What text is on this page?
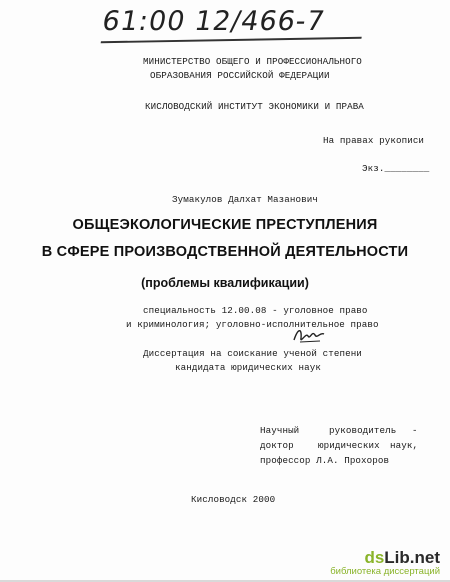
61:00 12/466-7
МИНИСТЕРСТВО ОБЩЕГО И ПРОФЕССИОНАЛЬНОГО
ОБРАЗОВАНИЯ РОССИЙСКОЙ ФЕДЕРАЦИИ
КИСЛОВОДСКИЙ ИНСТИТУТ ЭКОНОМИКИ И ПРАВА
На правах рукописи
Экз.________
Зумакулов Далхат Мазанович
ОБЩЕЭКОЛОГИЧЕСКИЕ ПРЕСТУПЛЕНИЯ
В СФЕРЕ ПРОИЗВОДСТВЕННОЙ ДЕЯТЕЛЬНОСТИ
(проблемы квалификации)
специальность 12.00.08 - уголовное право
и криминология; уголовно-исполнительное право
Диссертация на соискание ученой степени
кандидата юридических наук
Научный	руководитель -
доктор	юридических наук,
профессор Л.А. Прохоров
Кисловодск 2000
dsLib.net
библиотека диссертаций
